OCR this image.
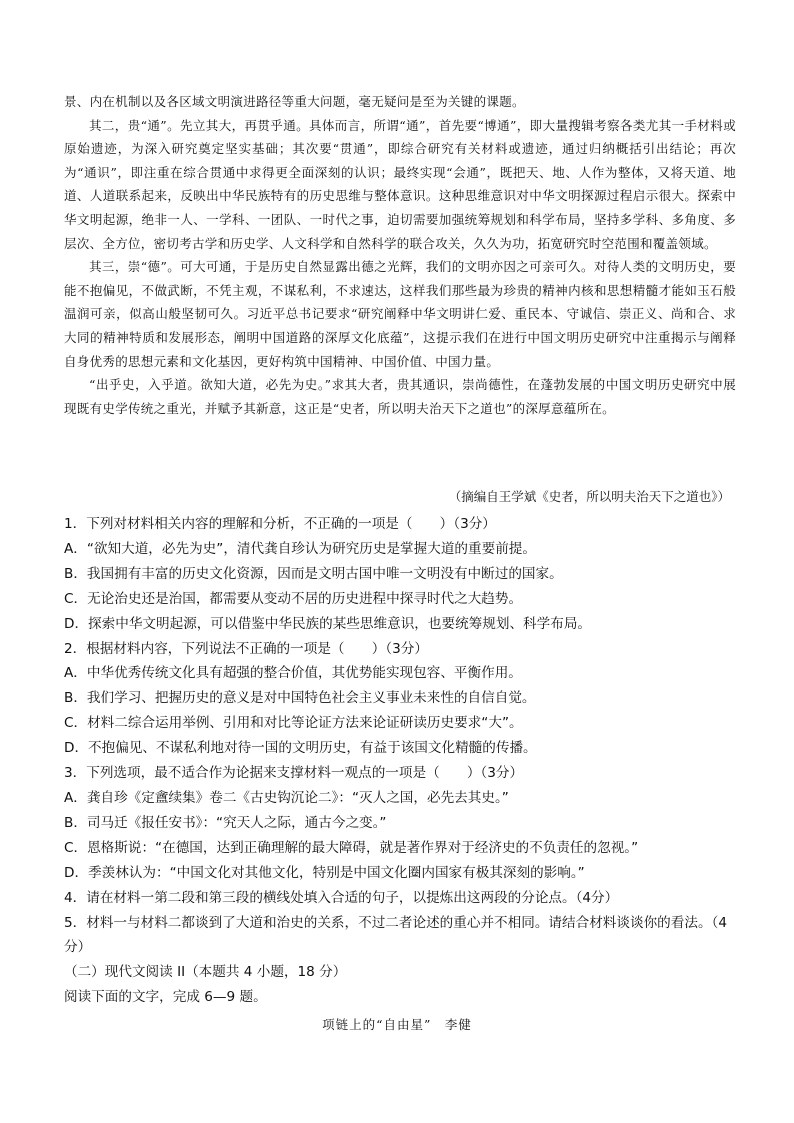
景、内在机制以及各区域文明演进路径等重大问题，毫无疑问是至为关键的课题。

其二，贵“通”。先立其大，再贯乎通。具体而言，所谓“通”，首先要“博通”，即大量搜辑考察各类尤其一手材料或原始遗迹，为深入研究奠定坚实基础；其次要“贯通”，即综合研究有关材料或遗迹，通过归纳概括引出结论；再次为“通识”，即注重在综合贯通中求得更全面深刻的认识；最终实现“会通”，既把天、地、人作为整体，又将天道、地道、人道联系起来，反映出中华民族特有的历史思维与整体意识。这种思维意识对中华文明探源过程启示很大。探索中华文明起源，绝非一人、一学科、一团队、一时代之事，迫切需要加强统筹规划和科学布局，坚持多学科、多角度、多层次、全方位，密切考古学和历史学、人文科学和自然科学的联合攻关，久久为功，拓宽研究时空范围和覆盖领域。

其三，崇“德”。可大可通，于是历史自然显露出德之光辉，我们的文明亦因之可亲可久。对待人类的文明历史，要能不抱偏见，不做武断，不凭主观，不谋私利，不求速达，这样我们那些最为珍贵的精神内核和思想精髓才能如玉石般温润可亲，似高山般坚韧可久。习近平总书记要求“研究阐释中华文明讲仁爱、重民本、守诚信、崇正义、尚和合、求大同的精神特质和发展形态，阐明中国道路的深厚文化底蕴”，这提示我们在进行中国文明历史研究中注重揭示与阐释自身优秀的思想元素和文化基因，更好构筑中国精神、中国价值、中国力量。

“出乎史，入乎道。欲知大道，必先为史。”求其大者，贵其通识，崇尚德性，在蓬勃发展的中国文明历史研究中展现既有史学传统之重光，并赋予其新意，这正是“史者，所以明夫治天下之道也”的深厚意蕴所在。

（摘编自王学斌《史者，所以明夫治天下之道也》）
1．下列对材料相关内容的理解和分析，不正确的一项是（　　）（3分）
A．“欲知大道，必先为史”，清代龚自珍认为研究历史是掌握大道的重要前提。
B．我国拥有丰富的历史文化资源，因而是文明古国中唯一文明没有中断过的国家。
C．无论治史还是治国，都需要从变动不居的历史进程中探寻时代之大趋势。
D．探索中华文明起源，可以借鉴中华民族的某些思维意识，也要统筹规划、科学布局。
2．根据材料内容，下列说法不正确的一项是（　　）（3分）
A．中华优秀传统文化具有超强的整合价值，其优势能实现包容、平衡作用。
B．我们学习、把握历史的意义是对中国特色社会主义事业未来性的自信自觉。
C．材料二综合运用举例、引用和对比等论证方法来论证研读历史要求“大”。
D．不抱偏见、不谋私利地对待一国的文明历史，有益于该国文化精髓的传播。
3．下列选项，最不适合作为论据来支撑材料一观点的一项是（　　）（3分）
A．龚自珍《定盦续集》卷二《古史钩沉论二》：“灭人之国，必先去其史。”
B．司马迁《报任安书》：“究天人之际，通古今之变。”
C．恩格斯说：“在德国，达到正确理解的最大障碍，就是著作界对于经济史的不负责任的忽视。”
D．季羡林认为：“中国文化对其他文化，特别是中国文化圈内国家有极其深刻的影响。”
4．请在材料一第二段和第三段的横线处填入合适的句子，以提炼出这两段的分论点。（4分）
5．材料一与材料二都谈到了大道和治史的关系，不过二者论述的重心并不相同。请结合材料谈谈你的看法。（4分）
（二）现代文阅读 II（本题共 4 小题，18 分）
阅读下面的文字，完成 6—9 题。
项链上的“自由星”　李健
